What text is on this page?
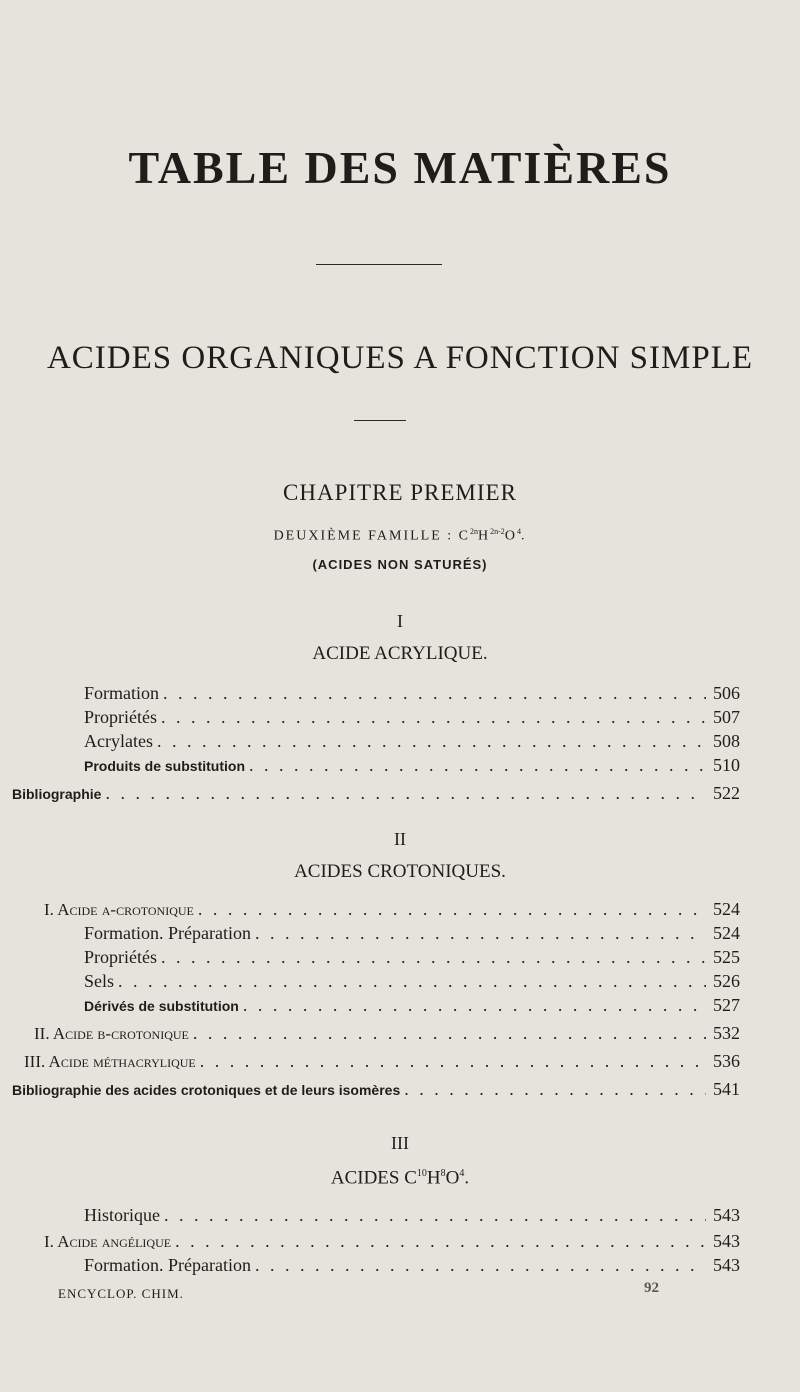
TABLE DES MATIÈRES
ACIDES ORGANIQUES A FONCTION SIMPLE
CHAPITRE PREMIER
DEUXIÈME FAMILLE : $C^{2n}H^{2n-2}O^4$.
(ACIDES NON SATURÉS)
I
ACIDE ACRYLIQUE.
Formation . . .	506
Propriétés . . .	507
Acrylates . . .	508
Produits de substitution . . .	510
Bibliographie . . .	522
II
ACIDES CROTONIQUES.
I. Acide α-crotonique . . .	524
Formation. Préparation . . .	524
Propriétés . . .	525
Sels . . .	526
Dérivés de substitution . . .	527
II. Acide β-crotonique . . .	532
III. Acide méthacrylique . . .	536
Bibliographie des acides crotoniques et de leurs isomères . . .	541
III
ACIDES $C^{10}H^8O^4$.
Historique . . .	543
I. Acide angélique . . .	543
Formation. Préparation . . .	543
ENCYCLOP. CHIM.	92
